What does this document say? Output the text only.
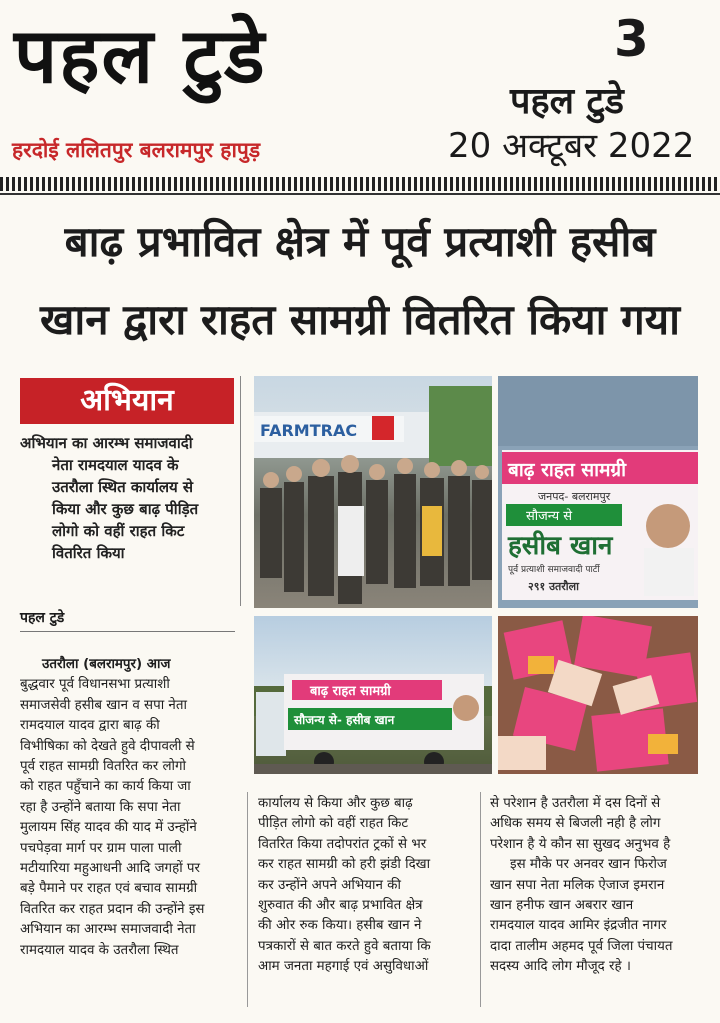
पहल टुडे
हरदोई ललितपुर बलरामपुर हापुड़
3
पहल टुडे
20 अक्टूबर 2022
बाढ़ प्रभावित क्षेत्र में पूर्व प्रत्याशी हसीब
खान द्वारा राहत सामग्री वितरित किया गया
अभियान
अभियान का आरम्भ समाजवादी
नेता रामदयाल यादव के
उतरौला स्थित कार्यालय से
किया और कुछ बाढ़ पीड़ित
लोगो को वहीं राहत किट
वितरित किया
पहल टुडे
FARMTRAC
बाढ़ राहत सामग्री
जनपद- बलरामपुर
सौजन्य से
हसीब खान
पूर्व प्रत्याशी समाजवादी पार्टी
२९१ उतरौला
बाढ़ राहत सामग्री
सौजन्य से- हसीब खान
उतरौला (बलरामपुर) आज
बुद्धवार पूर्व विधानसभा प्रत्याशी
समाजसेवी हसीब खान व सपा नेता
रामदयाल यादव द्वारा बाढ़ की
विभीषिका को देखते हुवे दीपावली से
पूर्व राहत सामग्री वितरित कर लोगो
को राहत पहुँचाने का कार्य किया जा
रहा है उन्होंने बताया कि सपा नेता
मुलायम सिंह यादव की याद में उन्होंने
पचपेड़वा मार्ग पर ग्राम पाला पाली
मटीयारिया महुआधनी आदि जगहों पर
बड़े पैमाने पर राहत एवं बचाव सामग्री
वितरित कर राहत प्रदान की उन्होंने इस
अभियान का आरम्भ समाजवादी नेता
रामदयाल यादव के उतरौला स्थित
कार्यालय से किया और कुछ बाढ़
पीड़ित लोगो को वहीं राहत किट
वितरित किया तदोपरांत ट्रकों से भर
कर राहत सामग्री को हरी झंडी दिखा
कर उन्होंने अपने अभियान की
शुरुवात की और बाढ़ प्रभावित क्षेत्र
की ओर रुक किया। हसीब खान ने
पत्रकारों से बात करते हुवे बताया कि
आम जनता महगाई एवं असुविधाओं
से परेशान है उतरौला में दस दिनों से
अधिक समय से बिजली नही है लोग
परेशान है ये कौन सा सुखद अनुभव है
इस मौके पर अनवर खान फिरोज
खान सपा नेता मलिक ऐजाज इमरान
खान हनीफ खान अबरार खान
रामदयाल यादव आमिर इंद्रजीत नागर
दादा तालीम अहमद पूर्व जिला पंचायत
सदस्य आदि लोग मौजूद रहे ।
